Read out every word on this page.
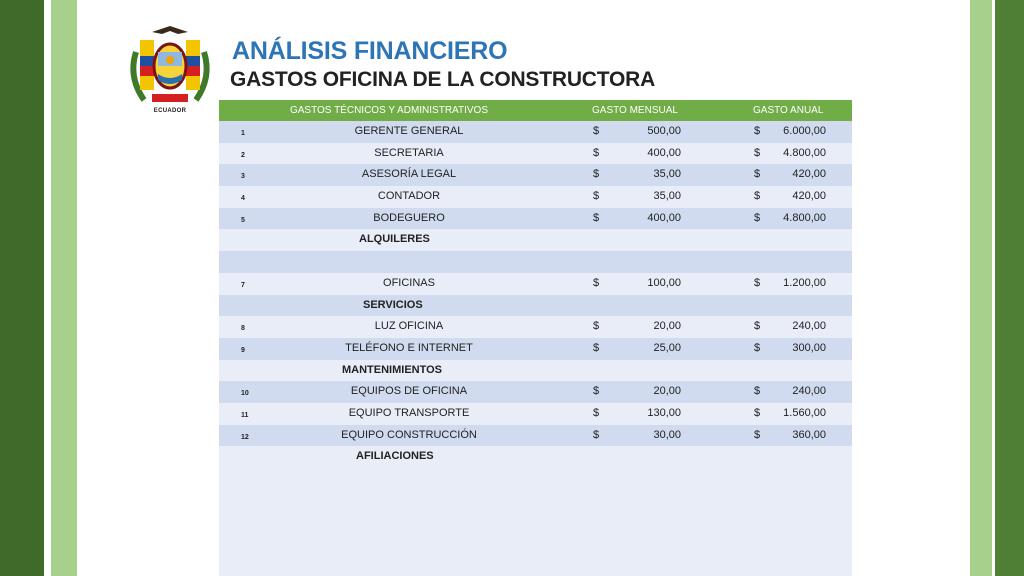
ECUADOR
ANÁLISIS FINANCIERO
GASTOS OFICINA DE LA CONSTRUCTORA
GASTOS TÉCNICOS Y ADMINISTRATIVOS	GASTO MENSUAL	GASTO ANUAL
1	GERENTE GENERAL	$	500,00	$	6.000,00
2	SECRETARIA	$	400,00	$	4.800,00
3	ASESORÍA LEGAL	$	35,00	$	420,00
4	CONTADOR	$	35,00	$	420,00
5	BODEGUERO	$	400,00	$	4.800,00
ALQUILERES
7	OFICINAS	$	100,00	$	1.200,00
SERVICIOS
8	LUZ OFICINA	$	20,00	$	240,00
9	TELÉFONO E INTERNET	$	25,00	$	300,00
MANTENIMIENTOS
10	EQUIPOS DE OFICINA	$	20,00	$	240,00
11	EQUIPO TRANSPORTE	$	130,00	$	1.560,00
12	EQUIPO CONSTRUCCIÓN	$	30,00	$	360,00
AFILIACIONES
